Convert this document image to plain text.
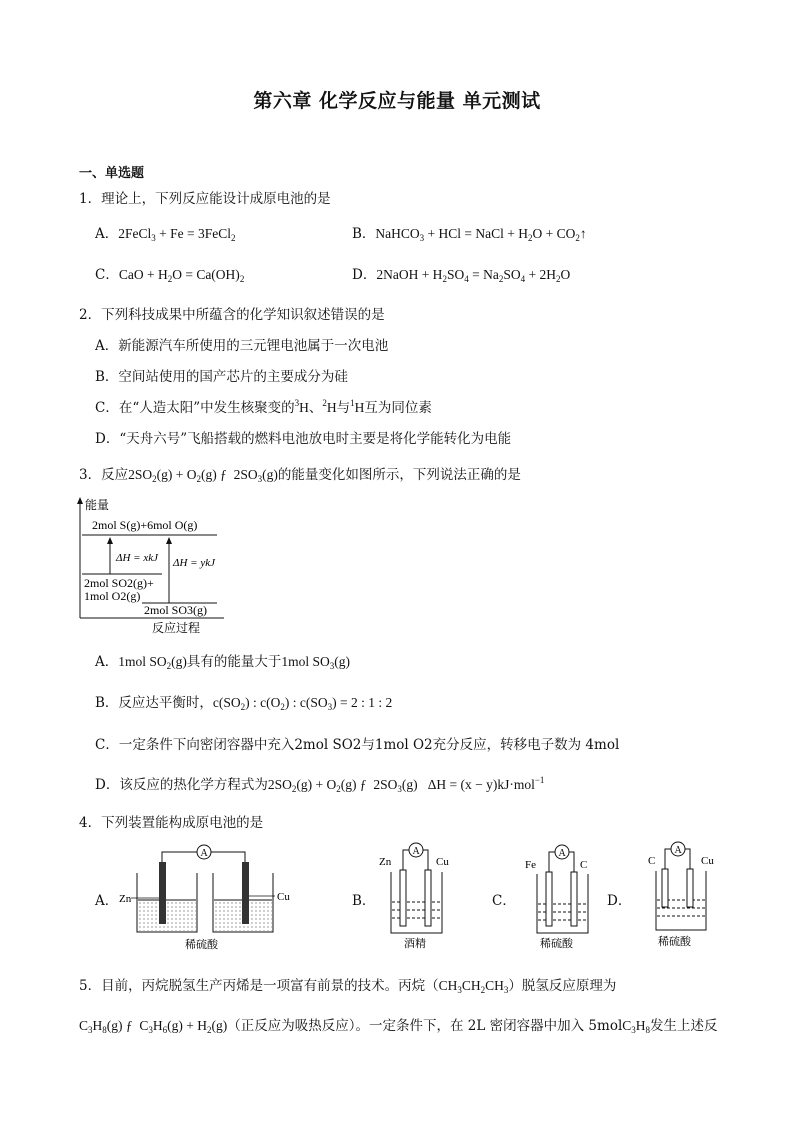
第六章 化学反应与能量 单元测试
一、单选题
1．理论上，下列反应能设计成原电池的是
A．2FeCl$_3$ + Fe = 3FeCl$_2$	B．NaHCO$_3$ + HCl = NaCl + $H_2O$ + $CO_2↑$
C．CaO + $H_2O = Ca(OH)_2$	D．2NaOH + $H_2SO_4 = Na_2SO_4 + 2H_2O$
2．下列科技成果中所蕴含的化学知识叙述错误的是
A．新能源汽车所使用的三元锂电池属于一次电池
B．空间站使用的国产芯片的主要成分为硅
C．在“人造太阳”中发生核聚变的$^3$H、$^2$H与$^1$H互为同位素
D．“天舟六号”飞船搭载的燃料电池放电时主要是将化学能转化为电能
3．反应$2SO_2(g) + O_2(g)$ ƒ  $2SO_3(g)$的能量变化如图所示，下列说法正确的是
能量
2mol S(g)+6mol O(g)
ΔH = xkJ ΔH = ykJ
2mol SO2(g)+
1mol O2(g)
2mol SO3(g)
反应过程
A．1mol $SO_2(g)$具有的能量大于1mol $SO_3(g)$
B．反应达平衡时，$c(SO_2)$ : $c(O_2)$ : $c(SO_3) = 2$ : 1 : 2
C．一定条件下向密闭容器中充入2mol SO2与1mol O2充分反应，转移电子数为 4mol
D．该反应的热化学方程式为$2SO_2(g) + O_2(g)$ ƒ  $2SO_3(g) \Delta H = (x - y)kJ\cdot mol^{-1}$
4．下列装置能构成原电池的是
A．
A
Zn	Cu
稀硫酸
B．
A
Zn	Cu
酒精
C．
A
Fe	C
稀硫酸
D．
A
C	Cu
稀硫酸
5．目前，丙烷脱氢生产丙烯是一项富有前景的技术。丙烷$(CH_3CH_2CH_3)$脱氢反应原理为
$C_3H_8(g)$ ƒ  $C_3H_6(g) + H_2(g)$（正反应为吸热反应）。一定条件下，在 2L 密闭容器中加入 $5molC_3H_8$发生上述反
